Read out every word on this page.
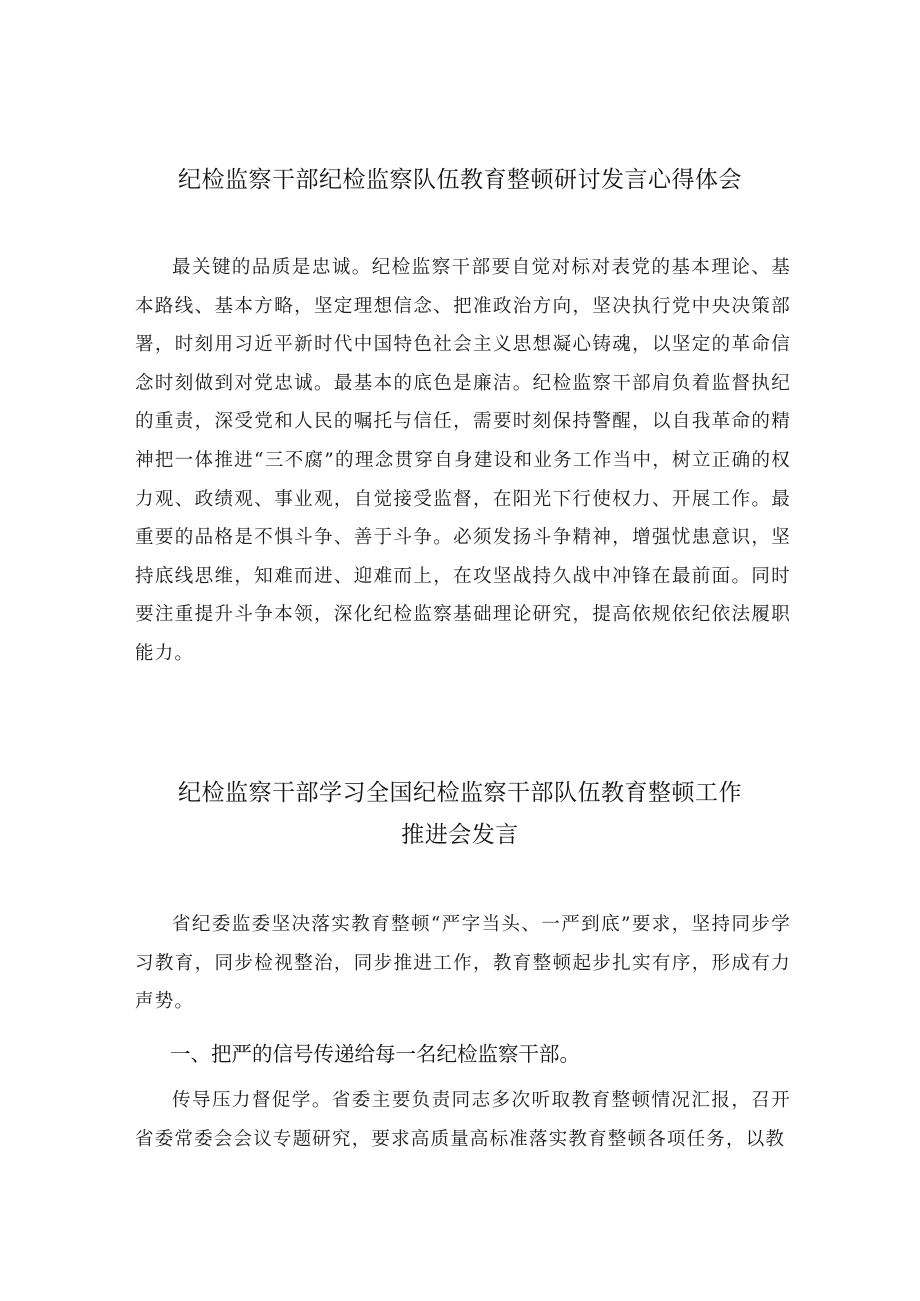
纪检监察干部纪检监察队伍教育整顿研讨发言心得体会

最关键的品质是忠诚。纪检监察干部要自觉对标对表党的基本理论、基本路线、基本方略，坚定理想信念、把准政治方向，坚决执行党中央决策部署，时刻用习近平新时代中国特色社会主义思想凝心铸魂，以坚定的革命信念时刻做到对党忠诚。最基本的底色是廉洁。纪检监察干部肩负着监督执纪的重责，深受党和人民的嘱托与信任，需要时刻保持警醒，以自我革命的精神把一体推进“三不腐”的理念贯穿自身建设和业务工作当中，树立正确的权力观、政绩观、事业观，自觉接受监督，在阳光下行使权力、开展工作。最重要的品格是不惧斗争、善于斗争。必须发扬斗争精神，增强忧患意识，坚持底线思维，知难而进、迎难而上，在攻坚战持久战中冲锋在最前面。同时要注重提升斗争本领，深化纪检监察基础理论研究，提高依规依纪依法履职能力。

纪检监察干部学习全国纪检监察干部队伍教育整顿工作
推进会发言

省纪委监委坚决落实教育整顿“严字当头、一严到底”要求，坚持同步学习教育，同步检视整治，同步推进工作，教育整顿起步扎实有序，形成有力声势。

一、把严的信号传递给每一名纪检监察干部。

传导压力督促学。省委主要负责同志多次听取教育整顿情况汇报，召开省委常委会会议专题研究，要求高质量高标准落实教育整顿各项任务，以教
